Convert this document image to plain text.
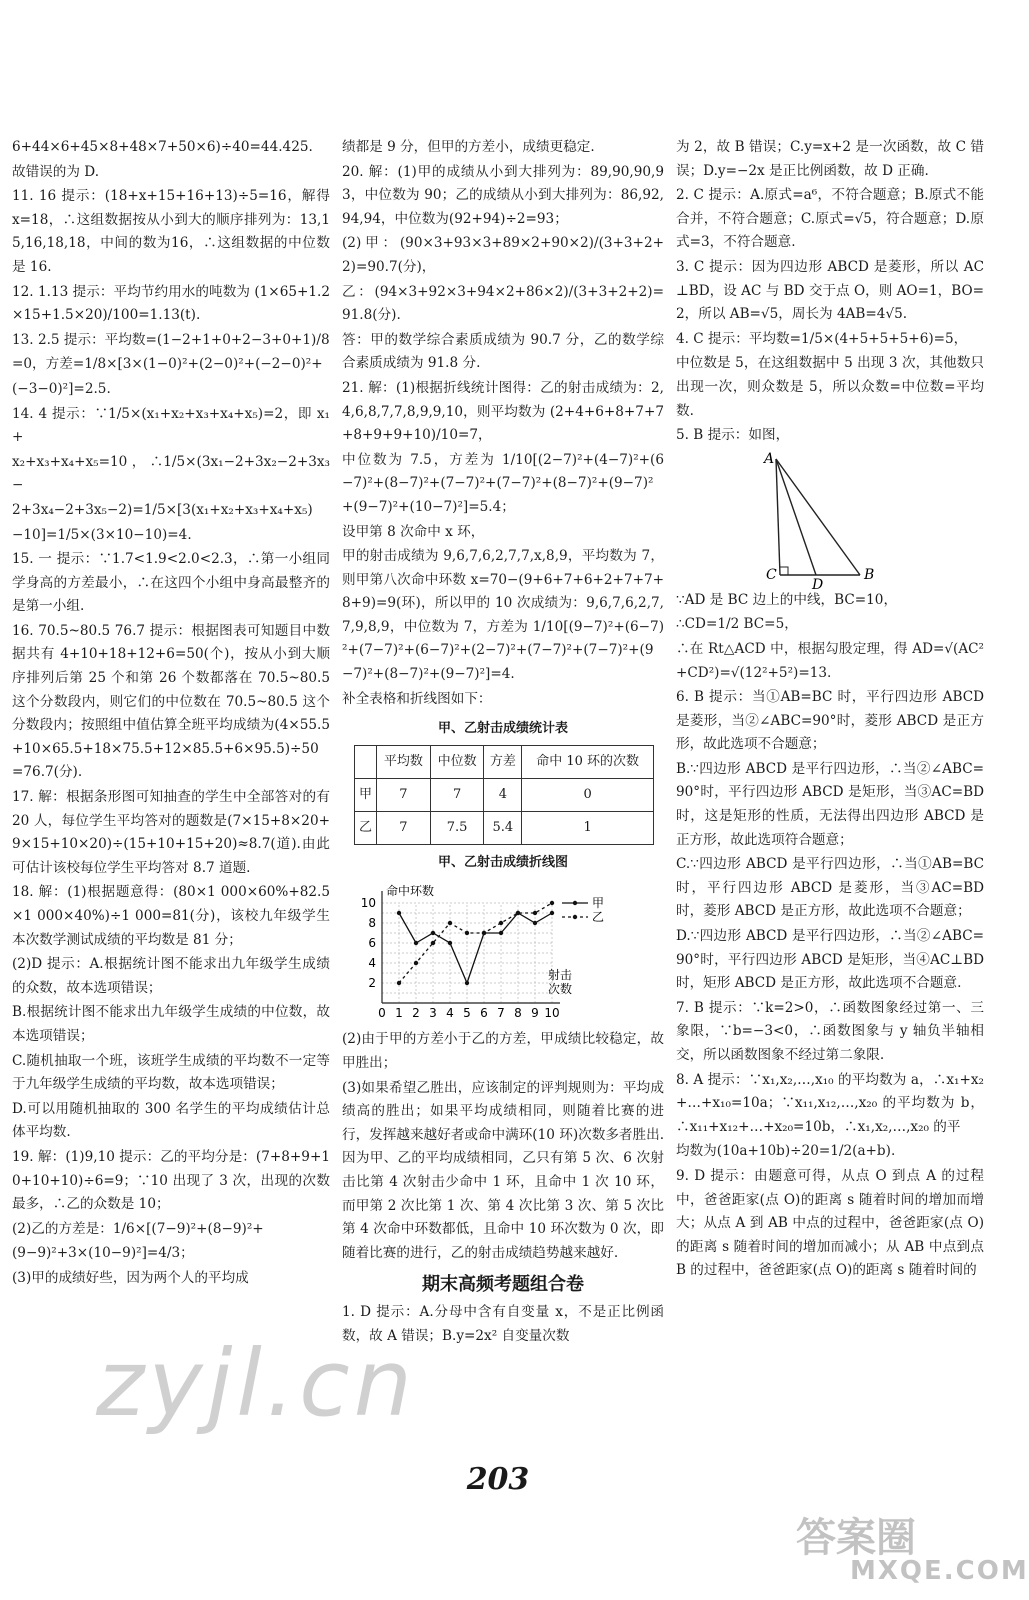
6+44×6+45×8+48×7+50×6)÷40=44.425.

故错误的为 D.

11. 16 提示：(18+x+15+16+13)÷5=16，解得 x=18，∴这组数据按从小到大的顺序排列为：13,15,16,18,18，中间的数为16，∴这组数据的中位数是 16.

12. 1.13 提示：平均节约用水的吨数为 (1×65+1.2×15+1.5×20)/100=1.13(t).

13. 2.5 提示：平均数=(1−2+1+0+2−3+0+1)/8

=0，方差=1/8×[3×(1−0)²+(2−0)²+(−2−0)²+

(−3−0)²]=2.5.

14. 4 提示：∵1/5×(x₁+x₂+x₃+x₄+x₅)=2，即 x₁+

x₂+x₃+x₄+x₅=10，∴1/5×(3x₁−2+3x₂−2+3x₃−

2+3x₄−2+3x₅−2)=1/5×[3(x₁+x₂+x₃+x₄+x₅)

−10]=1/5×(3×10−10)=4.

15. 一 提示：∵1.7<1.9<2.0<2.3，∴第一小组同学身高的方差最小，∴在这四个小组中身高最整齐的是第一小组.

16. 70.5~80.5 76.7 提示：根据图表可知题目中数据共有 4+10+18+12+6=50(个)，按从小到大顺序排列后第 25 个和第 26 个数都落在 70.5~80.5 这个分数段内，则它们的中位数在 70.5~80.5 这个分数段内；按照组中值估算全班平均成绩为(4×55.5+10×65.5+18×75.5+12×85.5+6×95.5)÷50=76.7(分).

17. 解：根据条形图可知抽查的学生中全部答对的有 20 人，每位学生平均答对的题数是(7×15+8×20+9×15+10×20)÷(15+10+15+20)≈8.7(道).由此可估计该校每位学生平均答对 8.7 道题.

18. 解：(1)根据题意得：(80×1 000×60%+82.5×1 000×40%)÷1 000=81(分)，该校九年级学生本次数学测试成绩的平均数是 81 分；

(2)D 提示：A.根据统计图不能求出九年级学生成绩的众数，故本选项错误；

B.根据统计图不能求出九年级学生成绩的中位数，故本选项错误；

C.随机抽取一个班，该班学生成绩的平均数不一定等于九年级学生成绩的平均数，故本选项错误；

D.可以用随机抽取的 300 名学生的平均成绩估计总体平均数.

19. 解：(1)9,10 提示：乙的平均分是：(7+8+9+10+10+10)÷6=9；∵10 出现了 3 次，出现的次数最多，∴乙的众数是 10；

(2)乙的方差是：1/6×[(7−9)²+(8−9)²+

(9−9)²+3×(10−9)²]=4/3；

(3)甲的成绩好些，因为两个人的平均成

绩都是 9 分，但甲的方差小，成绩更稳定.

20. 解：(1)甲的成绩从小到大排列为：89,90,90,93，中位数为 90；乙的成绩从小到大排列为：86,92,94,94，中位数为(92+94)÷2=93；

(2)甲：(90×3+93×3+89×2+90×2)/(3+3+2+2)=90.7(分)，

乙：(94×3+92×3+94×2+86×2)/(3+3+2+2)=91.8(分).

答：甲的数学综合素质成绩为 90.7 分，乙的数学综合素质成绩为 91.8 分.

21. 解：(1)根据折线统计图得：乙的射击成绩为：2,4,6,8,7,7,8,9,9,10，则平均数为 (2+4+6+8+7+7+8+9+9+10)/10=7，

中位数为 7.5，方差为 1/10[(2−7)²+(4−7)²+(6−7)²+(8−7)²+(7−7)²+(7−7)²+(8−7)²+(9−7)²+(9−7)²+(10−7)²]=5.4；

设甲第 8 次命中 x 环，

甲的射击成绩为 9,6,7,6,2,7,7,x,8,9，平均数为 7，则甲第八次命中环数 x=70−(9+6+7+6+2+7+7+8+9)=9(环)，所以甲的 10 次成绩为：9,6,7,6,2,7,7,9,8,9，中位数为 7，方差为 1/10[(9−7)²+(6−7)²+(7−7)²+(6−7)²+(2−7)²+(7−7)²+(7−7)²+(9−7)²+(8−7)²+(9−7)²]=4.

补全表格和折线图如下：

甲、乙射击成绩统计表
	平均数	中位数	方差	命中 10 环的次数
甲	7	7	4	0
乙	7	7.5	5.4	1
甲、乙射击成绩折线图
0 1 2 3 4 5 6 7 8 9 10
2
4
6
8
10
命中环数
射击
次数
甲
乙

(2)由于甲的方差小于乙的方差，甲成绩比较稳定，故甲胜出；

(3)如果希望乙胜出，应该制定的评判规则为：平均成绩高的胜出；如果平均成绩相同，则随着比赛的进行，发挥越来越好者或命中满环(10 环)次数多者胜出.因为甲、乙的平均成绩相同，乙只有第 5 次、6 次射击比第 4 次射击少命中 1 环，且命中 1 次 10 环，而甲第 2 次比第 1 次、第 4 次比第 3 次、第 5 次比第 4 次命中环数都低，且命中 10 环次数为 0 次，即随着比赛的进行，乙的射击成绩趋势越来越好.

期末高频考题组合卷

1. D 提示：A.分母中含有自变量 x，不是正比例函数，故 A 错误；B.y=2x² 自变量次数

为 2，故 B 错误；C.y=x+2 是一次函数，故 C 错误；D.y=−2x 是正比例函数，故 D 正确.

2. C 提示：A.原式=a⁶，不符合题意；B.原式不能合并，不符合题意；C.原式=√5，符合题意；D.原式=3，不符合题意.

3. C 提示：因为四边形 ABCD 是菱形，所以 AC⊥BD，设 AC 与 BD 交于点 O，则 AO=1，BO=2，所以 AB=√5，周长为 4AB=4√5.

4. C 提示：平均数=1/5×(4+5+5+5+6)=5，

中位数是 5，在这组数据中 5 出现 3 次，其他数只出现一次，则众数是 5，所以众数=中位数=平均数.

5. B 提示：如图，

A
C
D
B

∵AD 是 BC 边上的中线，BC=10，

∴CD=1/2 BC=5，

∴在 Rt△ACD 中，根据勾股定理，得 AD=√(AC²+CD²)=√(12²+5²)=13.

6. B 提示：当①AB=BC 时，平行四边形 ABCD 是菱形，当②∠ABC=90°时，菱形 ABCD 是正方形，故此选项不合题意；

B.∵四边形 ABCD 是平行四边形，∴当②∠ABC=90°时，平行四边形 ABCD 是矩形，当③AC=BD 时，这是矩形的性质，无法得出四边形 ABCD 是正方形，故此选项符合题意；

C.∵四边形 ABCD 是平行四边形，∴当①AB=BC 时，平行四边形 ABCD 是菱形，当③AC=BD 时，菱形 ABCD 是正方形，故此选项不合题意；

D.∵四边形 ABCD 是平行四边形，∴当②∠ABC=90°时，平行四边形 ABCD 是矩形，当④AC⊥BD 时，矩形 ABCD 是正方形，故此选项不合题意.

7. B 提示：∵k=2>0，∴函数图象经过第一、三象限，∵b=−3<0，∴函数图象与 y 轴负半轴相交，所以函数图象不经过第二象限.

8. A 提示：∵x₁,x₂,…,x₁₀ 的平均数为 a，∴x₁+x₂+…+x₁₀=10a；∵x₁₁,x₁₂,…,x₂₀ 的平均数为 b，∴x₁₁+x₁₂+…+x₂₀=10b，∴x₁,x₂,…,x₂₀ 的平

均数为(10a+10b)÷20=1/2(a+b).

9. D 提示：由题意可得，从点 O 到点 A 的过程中，爸爸距家(点 O)的距离 s 随着时间的增加而增大；从点 A 到 AB 中点的过程中，爸爸距家(点 O)的距离 s 随着时间的增加而减小；从 AB 中点到点 B 的过程中，爸爸距家(点 O)的距离 s 随着时间的

203
zyjl.cn
答案圈
MXQE.COM
